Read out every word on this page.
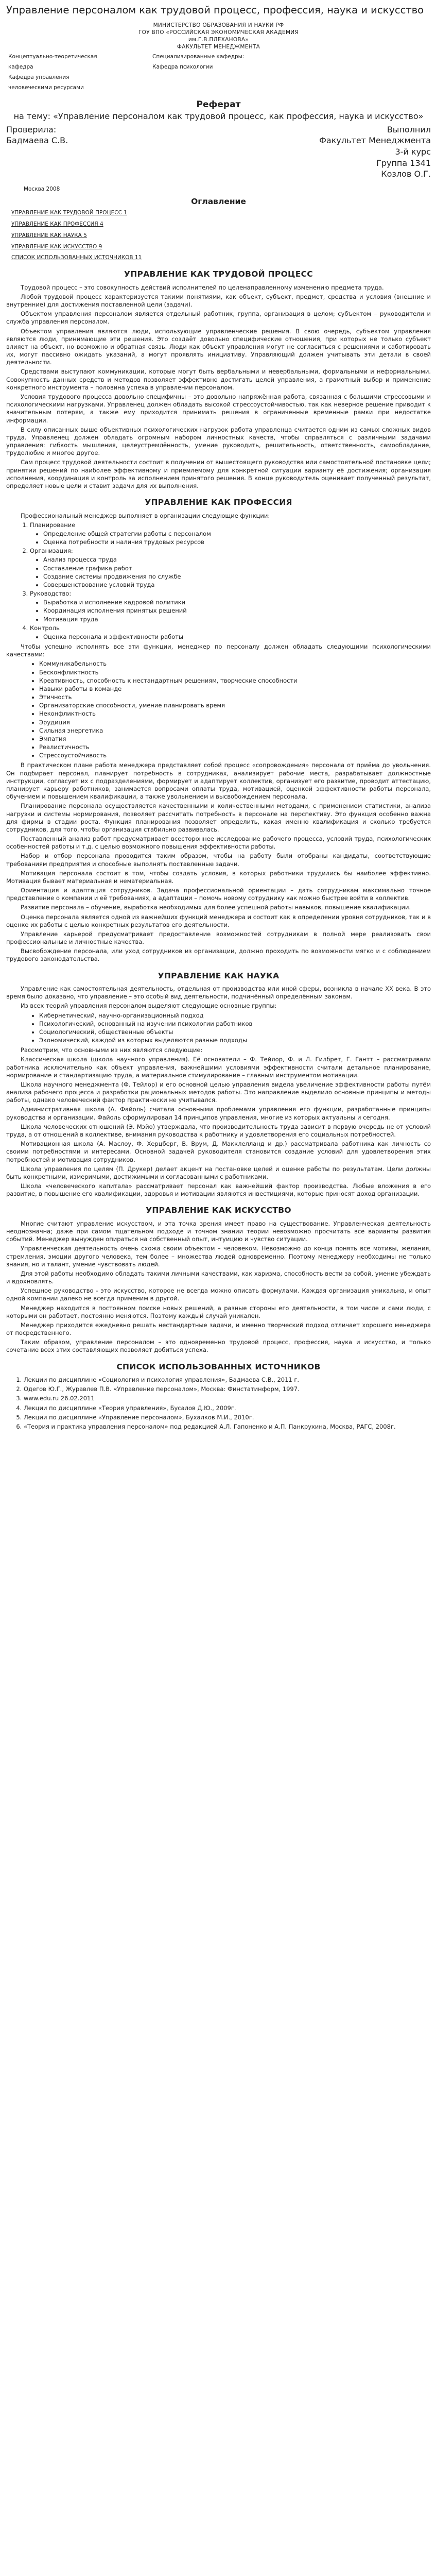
Управление персоналом как трудовой процесс, профессия, наука и искусство
МИНИСТЕРСТВО ОБРАЗОВАНИЯ И НАУКИ РФ
ГОУ ВПО «РОССИЙСКАЯ ЭКОНОМИЧЕСКАЯ АКАДЕМИЯ
им.Г.В.ПЛЕХАНОВА»
ФАКУЛЬТЕТ МЕНЕДЖМЕНТА
Концептуально-теоретическая
кафедра
Кафедра управления
человеческими ресурсами
Специализированные кафедры:
Кафедра психологии
Реферат
на тему: «Управление персоналом как трудовой процесс, как профессия, наука и искусство»
Проверила:	Выполнил
Бадмаева С.В.	Факультет Менеджмента
3-й курс
Группа 1341
Козлов О.Г.
Москва 2008
Оглавление
УПРАВЛЕНИЕ КАК ТРУДОВОЙ ПРОЦЕСС 1
УПРАВЛЕНИЕ КАК ПРОФЕССИЯ 4
УПРАВЛЕНИЕ КАК НАУКА 5
УПРАВЛЕНИЕ КАК ИСКУССТВО 9
СПИСОК ИСПОЛЬЗОВАННЫХ ИСТОЧНИКОВ 11
УПРАВЛЕНИЕ КАК ТРУДОВОЙ ПРОЦЕСС

Трудовой процесс – это совокупность действий исполнителей по целенаправленному изменению предмета труда.

Любой трудовой процесс характеризуется такими понятиями, как объект, субъект, предмет, средства и условия (внешние и внутренние) для достижения поставленной цели (задачи).

Объектом управления персоналом является отдельный работник, группа, организация в целом; субъектом – руководители и служба управления персоналом.

Объектом управления являются люди, использующие управленческие решения. В свою очередь, субъектом управления являются люди, принимающие эти решения. Это создаёт довольно специфические отношения, при которых не только субъект влияет на объект, но возможно и обратная связь. Люди как объект управления могут не согласиться с решениями и саботировать их, могут пассивно ожидать указаний, а могут проявлять инициативу. Управляющий должен учитывать эти детали в своей деятельности.

Средствами выступают коммуникации, которые могут быть вербальными и невербальными, формальными и неформальными. Совокупность данных средств и методов позволяет эффективно достигать целей управления, а грамотный выбор и применение конкретного инструмента – половина успеха в управлении персоналом.

Условия трудового процесса довольно специфичны – это довольно напряжённая работа, связанная с большими стрессовыми и психологическими нагрузками. Управленец должен обладать высокой стрессоустойчивостью, так как неверное решение приводит к значительным потерям, а также ему приходится принимать решения в ограниченные временные рамки при недостатке информации.

В силу описанных выше объективных психологических нагрузок работа управленца считается одним из самых сложных видов труда. Управленец должен обладать огромным набором личностных качеств, чтобы справляться с различными задачами управления: гибкость мышления, целеустремлённость, умение руководить, решительность, ответственность, самообладание, трудолюбие и многое другое.

Сам процесс трудовой деятельности состоит в получении от вышестоящего руководства или самостоятельной постановке цели; принятии решений по наиболее эффективному и приемлемому для конкретной ситуации варианту её достижения; организация исполнения, координация и контроль за исполнением принятого решения. В конце руководитель оценивает полученный результат, определяет новые цели и ставит задачи для их выполнения.

УПРАВЛЕНИЕ КАК ПРОФЕССИЯ

Профессиональный менеджер выполняет в организации следующие функции:

1. Планирование
• Определение общей стратегии работы с персоналом
• Оценка потребности и наличия трудовых ресурсов
2. Организация:
• Анализ процесса труда
• Составление графика работ
• Создание системы продвижения по службе
• Совершенствование условий труда
3. Руководство:
• Выработка и исполнение кадровой политики
• Координация исполнения принятых решений
• Мотивация труда
4. Контроль
• Оценка персонала и эффективности работы

Чтобы успешно исполнять все эти функции, менеджер по персоналу должен обладать следующими психологическими качествами:

• Коммуникабельность
• Бесконфликтность
• Креативность, способность к нестандартным решениям, творческие способности
• Навыки работы в команде
• Этичность
• Организаторские способности, умение планировать время
• Неконфликтность
• Эрудиция
• Сильная энергетика
• Эмпатия
• Реалистичность
• Стрессоустойчивость

В практическом плане работа менеджера представляет собой процесс «сопровождения» персонала от приёма до увольнения. Он подбирает персонал, планирует потребность в сотрудниках, анализирует рабочие места, разрабатывает должностные инструкции, согласует их с подразделениями, формирует и адаптирует коллектив, организует его развитие, проводит аттестацию, планирует карьеру работников, занимается вопросами оплаты труда, мотивацией, оценкой эффективности работы персонала, обучением и повышением квалификации, а также увольнением и высвобождением персонала.

Планирование персонала осуществляется качественными и количественными методами, с применением статистики, анализа нагрузки и системы нормирования, позволяет рассчитать потребность в персонале на перспективу. Это функция особенно важна для фирмы в стадии роста. Функция планирования позволяет определить, какая именно квалификация и сколько требуется сотрудников, для того, чтобы организация стабильно развивалась.

Поставленный анализ работ предусматривает всестороннее исследование рабочего процесса, условий труда, психологических особенностей работы и т.д. с целью возможного повышения эффективности работы.

Набор и отбор персонала проводится таким образом, чтобы на работу были отобраны кандидаты, соответствующие требованиям предприятия и способные выполнять поставленные задачи.

Мотивация персонала состоит в том, чтобы создать условия, в которых работники трудились бы наиболее эффективно. Мотивация бывает материальная и нематериальная.

Ориентация и адаптация сотрудников. Задача профессиональной ориентации – дать сотрудникам максимально точное представление о компании и её требованиях, а адаптации – помочь новому сотруднику как можно быстрее войти в коллектив.

Развитие персонала – обучение, выработка необходимых для более успешной работы навыков, повышение квалификации.

Оценка персонала является одной из важнейших функций менеджера и состоит как в определении уровня сотрудников, так и в оценке их работы с целью конкретных результатов его деятельности.

Управление карьерой предусматривает предоставление возможностей сотрудникам в полной мере реализовать свои профессиональные и личностные качества.

Высвобождение персонала, или уход сотрудников из организации, должно проходить по возможности мягко и с соблюдением трудового законодательства.

УПРАВЛЕНИЕ КАК НАУКА

Управление как самостоятельная деятельность, отдельная от производства или иной сферы, возникла в начале XX века. В это время было доказано, что управление – это особый вид деятельности, подчинённый определённым законам.

Из всех теорий управления персоналом выделяют следующие основные группы:

• Кибернетический, научно-организационный подход
• Психологический, основанный на изучении психологии работников
• Социологический, общественные объекты
• Экономический, каждой из которых выделяются разные подходы

Рассмотрим, что основными из них являются следующие:

Классическая школа (школа научного управления). Её основатели – Ф. Тейлор, Ф. и Л. Гилбрет, Г. Гантт – рассматривали работника исключительно как объект управления, важнейшими условиями эффективности считали детальное планирование, нормирование и стандартизацию труда, а материальное стимулирование – главным инструментом мотивации.

Школа научного менеджмента (Ф. Тейлор) и его основной целью управления видела увеличение эффективности работы путём анализа рабочего процесса и разработки рациональных методов работы. Это направление выделило основные принципы и методы работы, однако человеческий фактор практически не учитывался.

Административная школа (А. Файоль) считала основными проблемами управления его функции, разработанные принципы руководства и организации. Файоль сформулировал 14 принципов управления, многие из которых актуальны и сегодня.

Школа человеческих отношений (Э. Мэйо) утверждала, что производительность труда зависит в первую очередь не от условий труда, а от отношений в коллективе, внимания руководства к работнику и удовлетворения его социальных потребностей.

Мотивационная школа (А. Маслоу, Ф. Херцберг, В. Врум, Д. Макклелланд и др.) рассматривала работника как личность со своими потребностями и интересами. Основной задачей руководителя становится создание условий для удовлетворения этих потребностей и мотивация сотрудников.

Школа управления по целям (П. Друкер) делает акцент на постановке целей и оценке работы по результатам. Цели должны быть конкретными, измеримыми, достижимыми и согласованными с работниками.

Школа «человеческого капитала» рассматривает персонал как важнейший фактор производства. Любые вложения в его развитие, в повышение его квалификации, здоровья и мотивации являются инвестициями, которые приносят доход организации.

УПРАВЛЕНИЕ КАК ИСКУССТВО

Многие считают управление искусством, и эта точка зрения имеет право на существование. Управленческая деятельность неоднозначна; даже при самом тщательном подходе и точном знании теории невозможно просчитать все варианты развития событий. Менеджер вынужден опираться на собственный опыт, интуицию и чувство ситуации.

Управленческая деятельность очень схожа своим объектом – человеком. Невозможно до конца понять все мотивы, желания, стремления, эмоции другого человека, тем более – множества людей одновременно. Поэтому менеджеру необходимы не только знания, но и талант, умение чувствовать людей.

Для этой работы необходимо обладать такими личными качествами, как харизма, способность вести за собой, умение убеждать и вдохновлять.

Успешное руководство - это искусство, которое не всегда можно описать формулами. Каждая организация уникальна, и опыт одной компании далеко не всегда применим в другой.

Менеджер находится в постоянном поиске новых решений, а разные стороны его деятельности, в том числе и сами люди, с которыми он работает, постоянно меняются. Поэтому каждый случай уникален.

Менеджер приходится ежедневно решать нестандартные задачи, и именно творческий подход отличает хорошего менеджера от посредственного.

Таким образом, управление персоналом – это одновременно трудовой процесс, профессия, наука и искусство, и только сочетание всех этих составляющих позволяет добиться успеха.

СПИСОК ИСПОЛЬЗОВАННЫХ ИСТОЧНИКОВ
1. Лекции по дисциплине «Социология и психология управления», Бадмаева С.В., 2011 г.
2. Одегов Ю.Г., Журавлев П.В. «Управление персоналом», Москва: Финстатинформ, 1997.
3. www.edu.ru 26.02.2011
4. Лекции по дисциплине «Теория управления», Бусалов Д.Ю., 2009г.
5. Лекции по дисциплине «Управление персоналом», Бухалков М.И., 2010г.
6. «Теория и практика управления персоналом» под редакцией А.Л. Гапоненко и А.П. Панкрухина, Москва, РАГС, 2008г.
